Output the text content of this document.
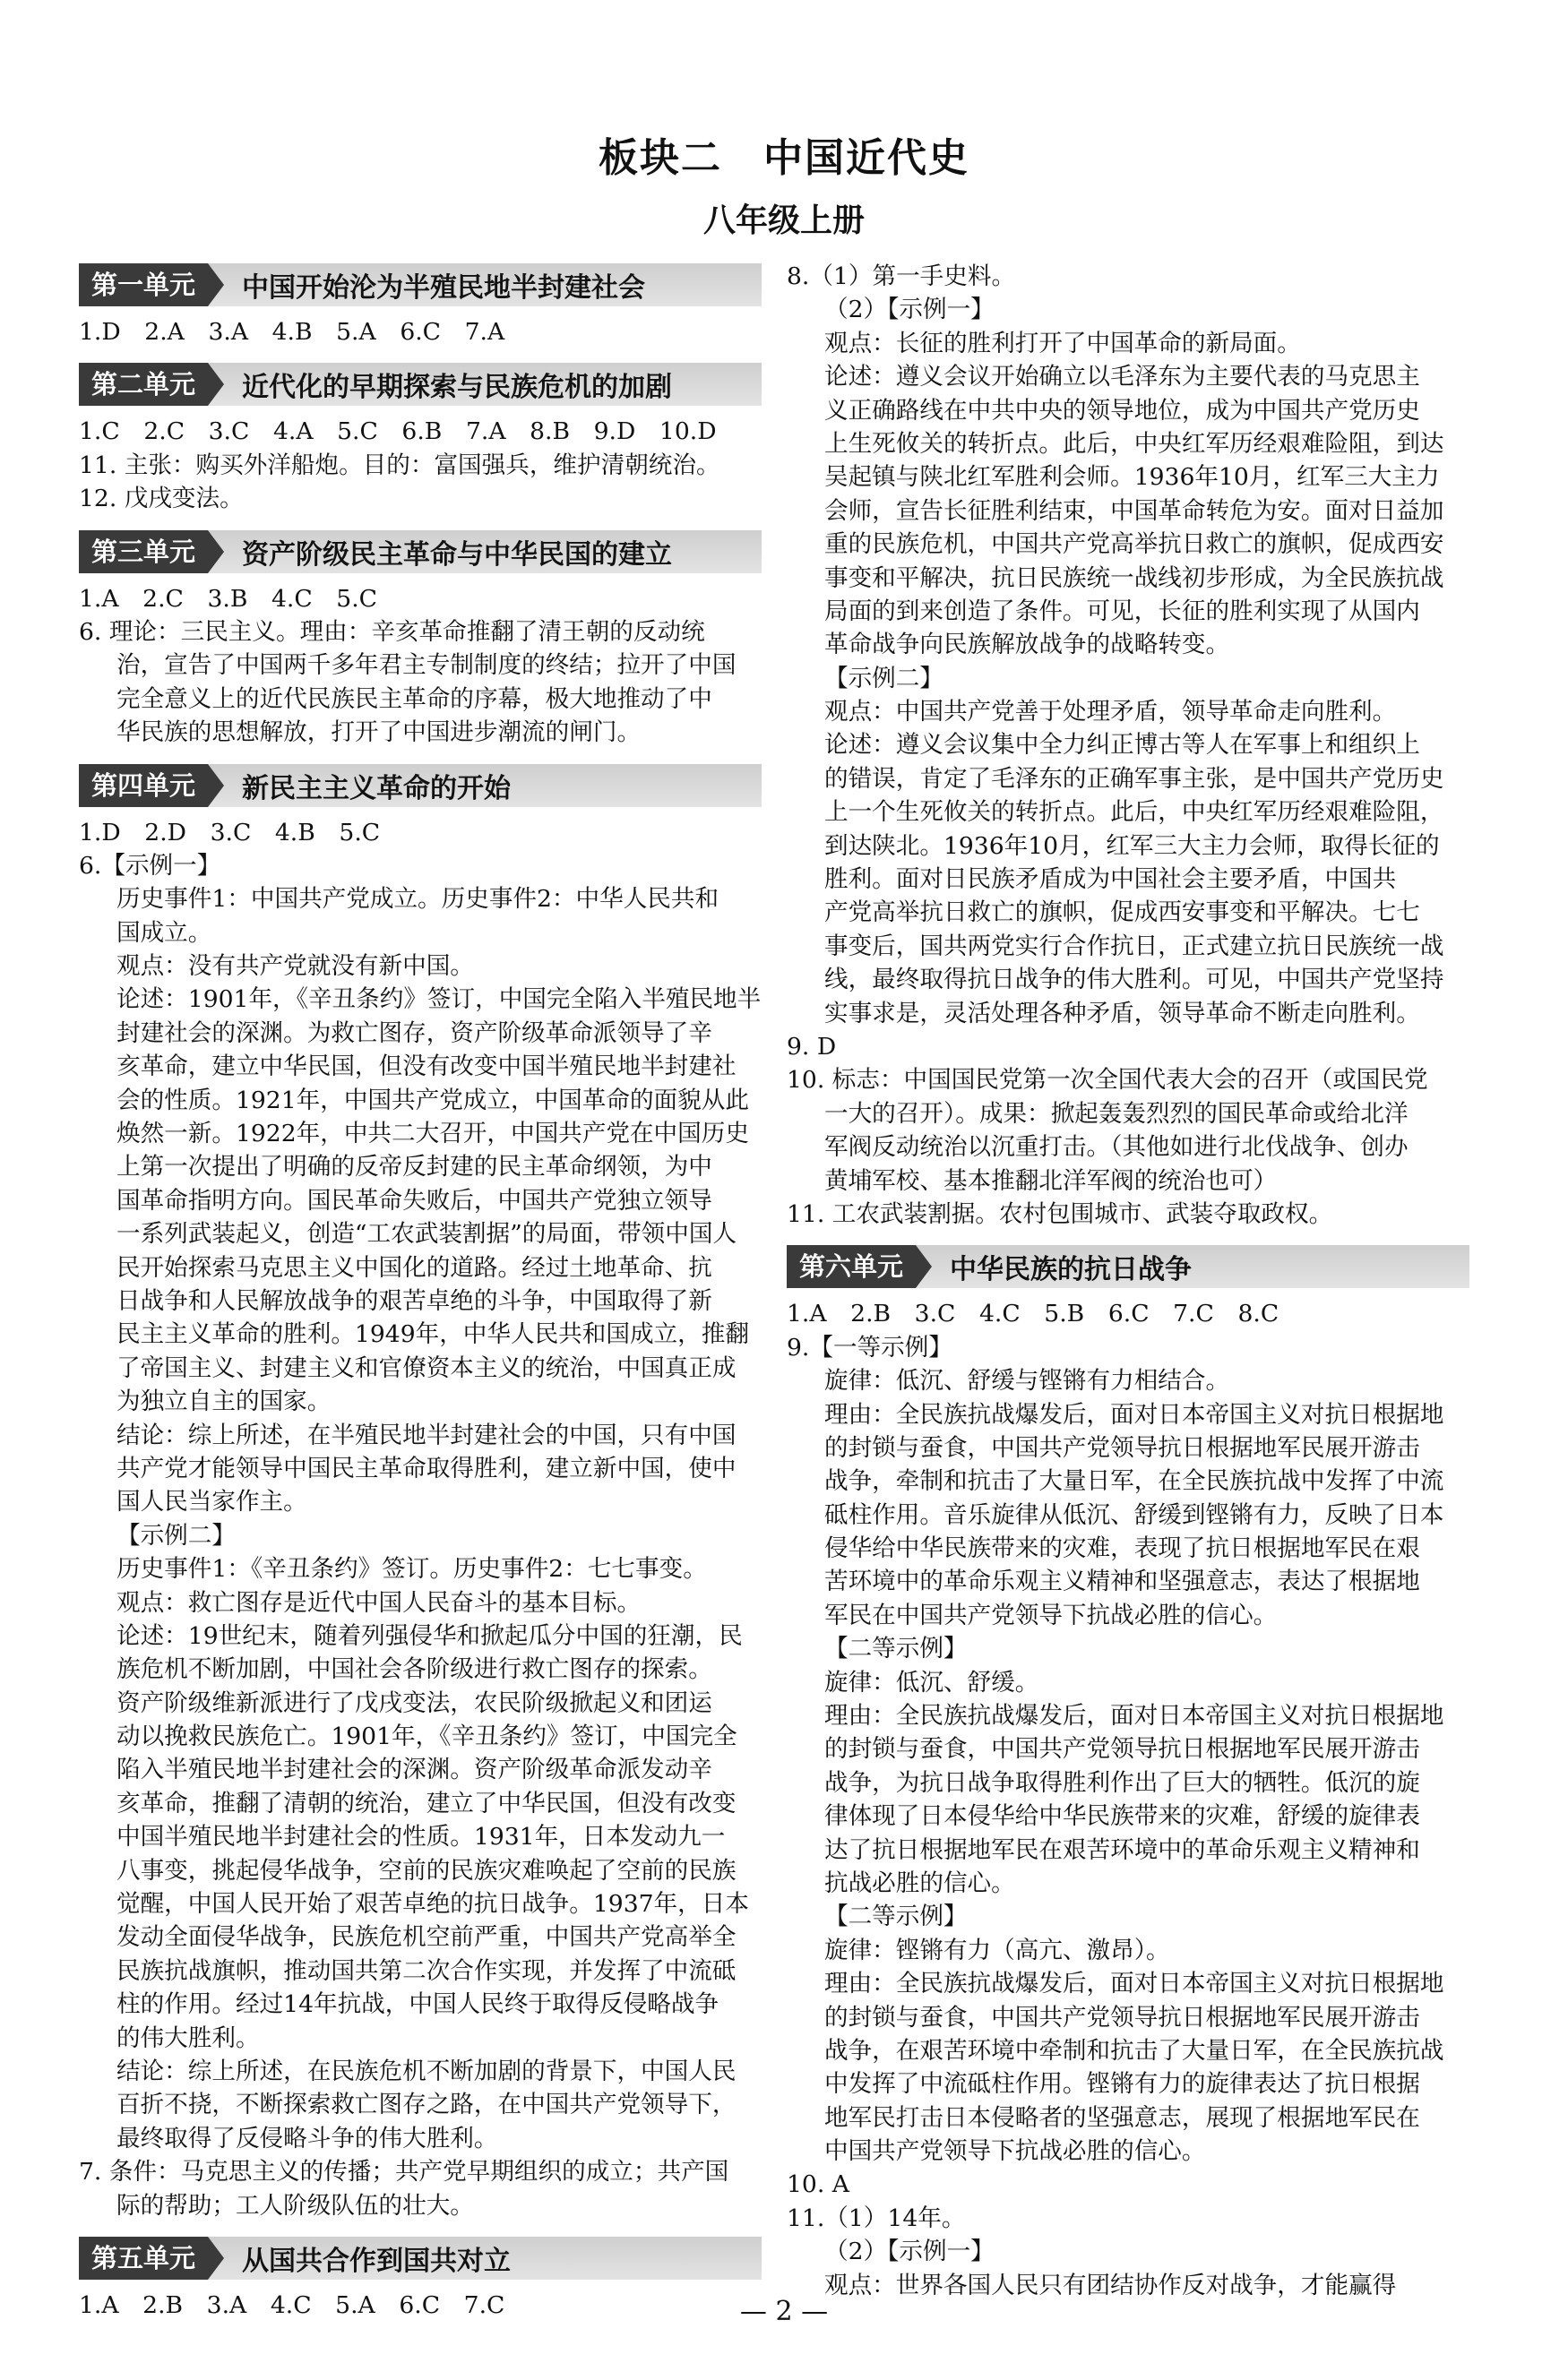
板块二　中国近代史
八年级上册
第一单元	中国开始沦为半殖民地半封建社会
1.D　2.A　3.A　4.B　5.A　6.C　7.A
第二单元	近代化的早期探索与民族危机的加剧
1.C　2.C　3.C　4.A　5.C　6.B　7.A　8.B　9.D　10.D
11. 主张：购买外洋船炮。目的：富国强兵，维护清朝统治。
12. 戊戌变法。
第三单元	资产阶级民主革命与中华民国的建立
1.A　2.C　3.B　4.C　5.C
6. 理论：三民主义。理由：辛亥革命推翻了清王朝的反动统
治，宣告了中国两千多年君主专制制度的终结；拉开了中国
完全意义上的近代民族民主革命的序幕，极大地推动了中
华民族的思想解放，打开了中国进步潮流的闸门。
第四单元	新民主主义革命的开始
1.D　2.D　3.C　4.B　5.C
6.【示例一】
历史事件1：中国共产党成立。历史事件2：中华人民共和
国成立。
观点：没有共产党就没有新中国。
论述：1901年，《辛丑条约》签订，中国完全陷入半殖民地半
封建社会的深渊。为救亡图存，资产阶级革命派领导了辛
亥革命，建立中华民国，但没有改变中国半殖民地半封建社
会的性质。1921年，中国共产党成立，中国革命的面貌从此
焕然一新。1922年，中共二大召开，中国共产党在中国历史
上第一次提出了明确的反帝反封建的民主革命纲领，为中
国革命指明方向。国民革命失败后，中国共产党独立领导
一系列武装起义，创造“工农武装割据”的局面，带领中国人
民开始探索马克思主义中国化的道路。经过土地革命、抗
日战争和人民解放战争的艰苦卓绝的斗争，中国取得了新
民主主义革命的胜利。1949年，中华人民共和国成立，推翻
了帝国主义、封建主义和官僚资本主义的统治，中国真正成
为独立自主的国家。
结论：综上所述，在半殖民地半封建社会的中国，只有中国
共产党才能领导中国民主革命取得胜利，建立新中国，使中
国人民当家作主。
【示例二】
历史事件1：《辛丑条约》签订。历史事件2：七七事变。
观点：救亡图存是近代中国人民奋斗的基本目标。
论述：19世纪末，随着列强侵华和掀起瓜分中国的狂潮，民
族危机不断加剧，中国社会各阶级进行救亡图存的探索。
资产阶级维新派进行了戊戌变法，农民阶级掀起义和团运
动以挽救民族危亡。1901年，《辛丑条约》签订，中国完全
陷入半殖民地半封建社会的深渊。资产阶级革命派发动辛
亥革命，推翻了清朝的统治，建立了中华民国，但没有改变
中国半殖民地半封建社会的性质。1931年，日本发动九一
八事变，挑起侵华战争，空前的民族灾难唤起了空前的民族
觉醒，中国人民开始了艰苦卓绝的抗日战争。1937年，日本
发动全面侵华战争，民族危机空前严重，中国共产党高举全
民族抗战旗帜，推动国共第二次合作实现，并发挥了中流砥
柱的作用。经过14年抗战，中国人民终于取得反侵略战争
的伟大胜利。
结论：综上所述，在民族危机不断加剧的背景下，中国人民
百折不挠，不断探索救亡图存之路，在中国共产党领导下，
最终取得了反侵略斗争的伟大胜利。
7. 条件：马克思主义的传播；共产党早期组织的成立；共产国
际的帮助；工人阶级队伍的壮大。
第五单元	从国共合作到国共对立
1.A　2.B　3.A　4.C　5.A　6.C　7.C
8.（1）第一手史料。
（2）【示例一】
观点：长征的胜利打开了中国革命的新局面。
论述：遵义会议开始确立以毛泽东为主要代表的马克思主
义正确路线在中共中央的领导地位，成为中国共产党历史
上生死攸关的转折点。此后，中央红军历经艰难险阻，到达
吴起镇与陕北红军胜利会师。1936年10月，红军三大主力
会师，宣告长征胜利结束，中国革命转危为安。面对日益加
重的民族危机，中国共产党高举抗日救亡的旗帜，促成西安
事变和平解决，抗日民族统一战线初步形成，为全民族抗战
局面的到来创造了条件。可见，长征的胜利实现了从国内
革命战争向民族解放战争的战略转变。
【示例二】
观点：中国共产党善于处理矛盾，领导革命走向胜利。
论述：遵义会议集中全力纠正博古等人在军事上和组织上
的错误，肯定了毛泽东的正确军事主张，是中国共产党历史
上一个生死攸关的转折点。此后，中央红军历经艰难险阻，
到达陕北。1936年10月，红军三大主力会师，取得长征的
胜利。面对日民族矛盾成为中国社会主要矛盾，中国共
产党高举抗日救亡的旗帜，促成西安事变和平解决。七七
事变后，国共两党实行合作抗日，正式建立抗日民族统一战
线，最终取得抗日战争的伟大胜利。可见，中国共产党坚持
实事求是，灵活处理各种矛盾，领导革命不断走向胜利。
9. D
10. 标志：中国国民党第一次全国代表大会的召开（或国民党
一大的召开）。成果：掀起轰轰烈烈的国民革命或给北洋
军阀反动统治以沉重打击。（其他如进行北伐战争、创办
黄埔军校、基本推翻北洋军阀的统治也可）
11. 工农武装割据。农村包围城市、武装夺取政权。
第六单元	中华民族的抗日战争
1.A　2.B　3.C　4.C　5.B　6.C　7.C　8.C
9.【一等示例】
旋律：低沉、舒缓与铿锵有力相结合。
理由：全民族抗战爆发后，面对日本帝国主义对抗日根据地
的封锁与蚕食，中国共产党领导抗日根据地军民展开游击
战争，牵制和抗击了大量日军，在全民族抗战中发挥了中流
砥柱作用。音乐旋律从低沉、舒缓到铿锵有力，反映了日本
侵华给中华民族带来的灾难，表现了抗日根据地军民在艰
苦环境中的革命乐观主义精神和坚强意志，表达了根据地
军民在中国共产党领导下抗战必胜的信心。
【二等示例】
旋律：低沉、舒缓。
理由：全民族抗战爆发后，面对日本帝国主义对抗日根据地
的封锁与蚕食，中国共产党领导抗日根据地军民展开游击
战争，为抗日战争取得胜利作出了巨大的牺牲。低沉的旋
律体现了日本侵华给中华民族带来的灾难，舒缓的旋律表
达了抗日根据地军民在艰苦环境中的革命乐观主义精神和
抗战必胜的信心。
【二等示例】
旋律：铿锵有力（高亢、激昂）。
理由：全民族抗战爆发后，面对日本帝国主义对抗日根据地
的封锁与蚕食，中国共产党领导抗日根据地军民展开游击
战争，在艰苦环境中牵制和抗击了大量日军，在全民族抗战
中发挥了中流砥柱作用。铿锵有力的旋律表达了抗日根据
地军民打击日本侵略者的坚强意志，展现了根据地军民在
中国共产党领导下抗战必胜的信心。
10. A
11.（1）14年。
（2）【示例一】
观点：世界各国人民只有团结协作反对战争，才能赢得
— 2 —
